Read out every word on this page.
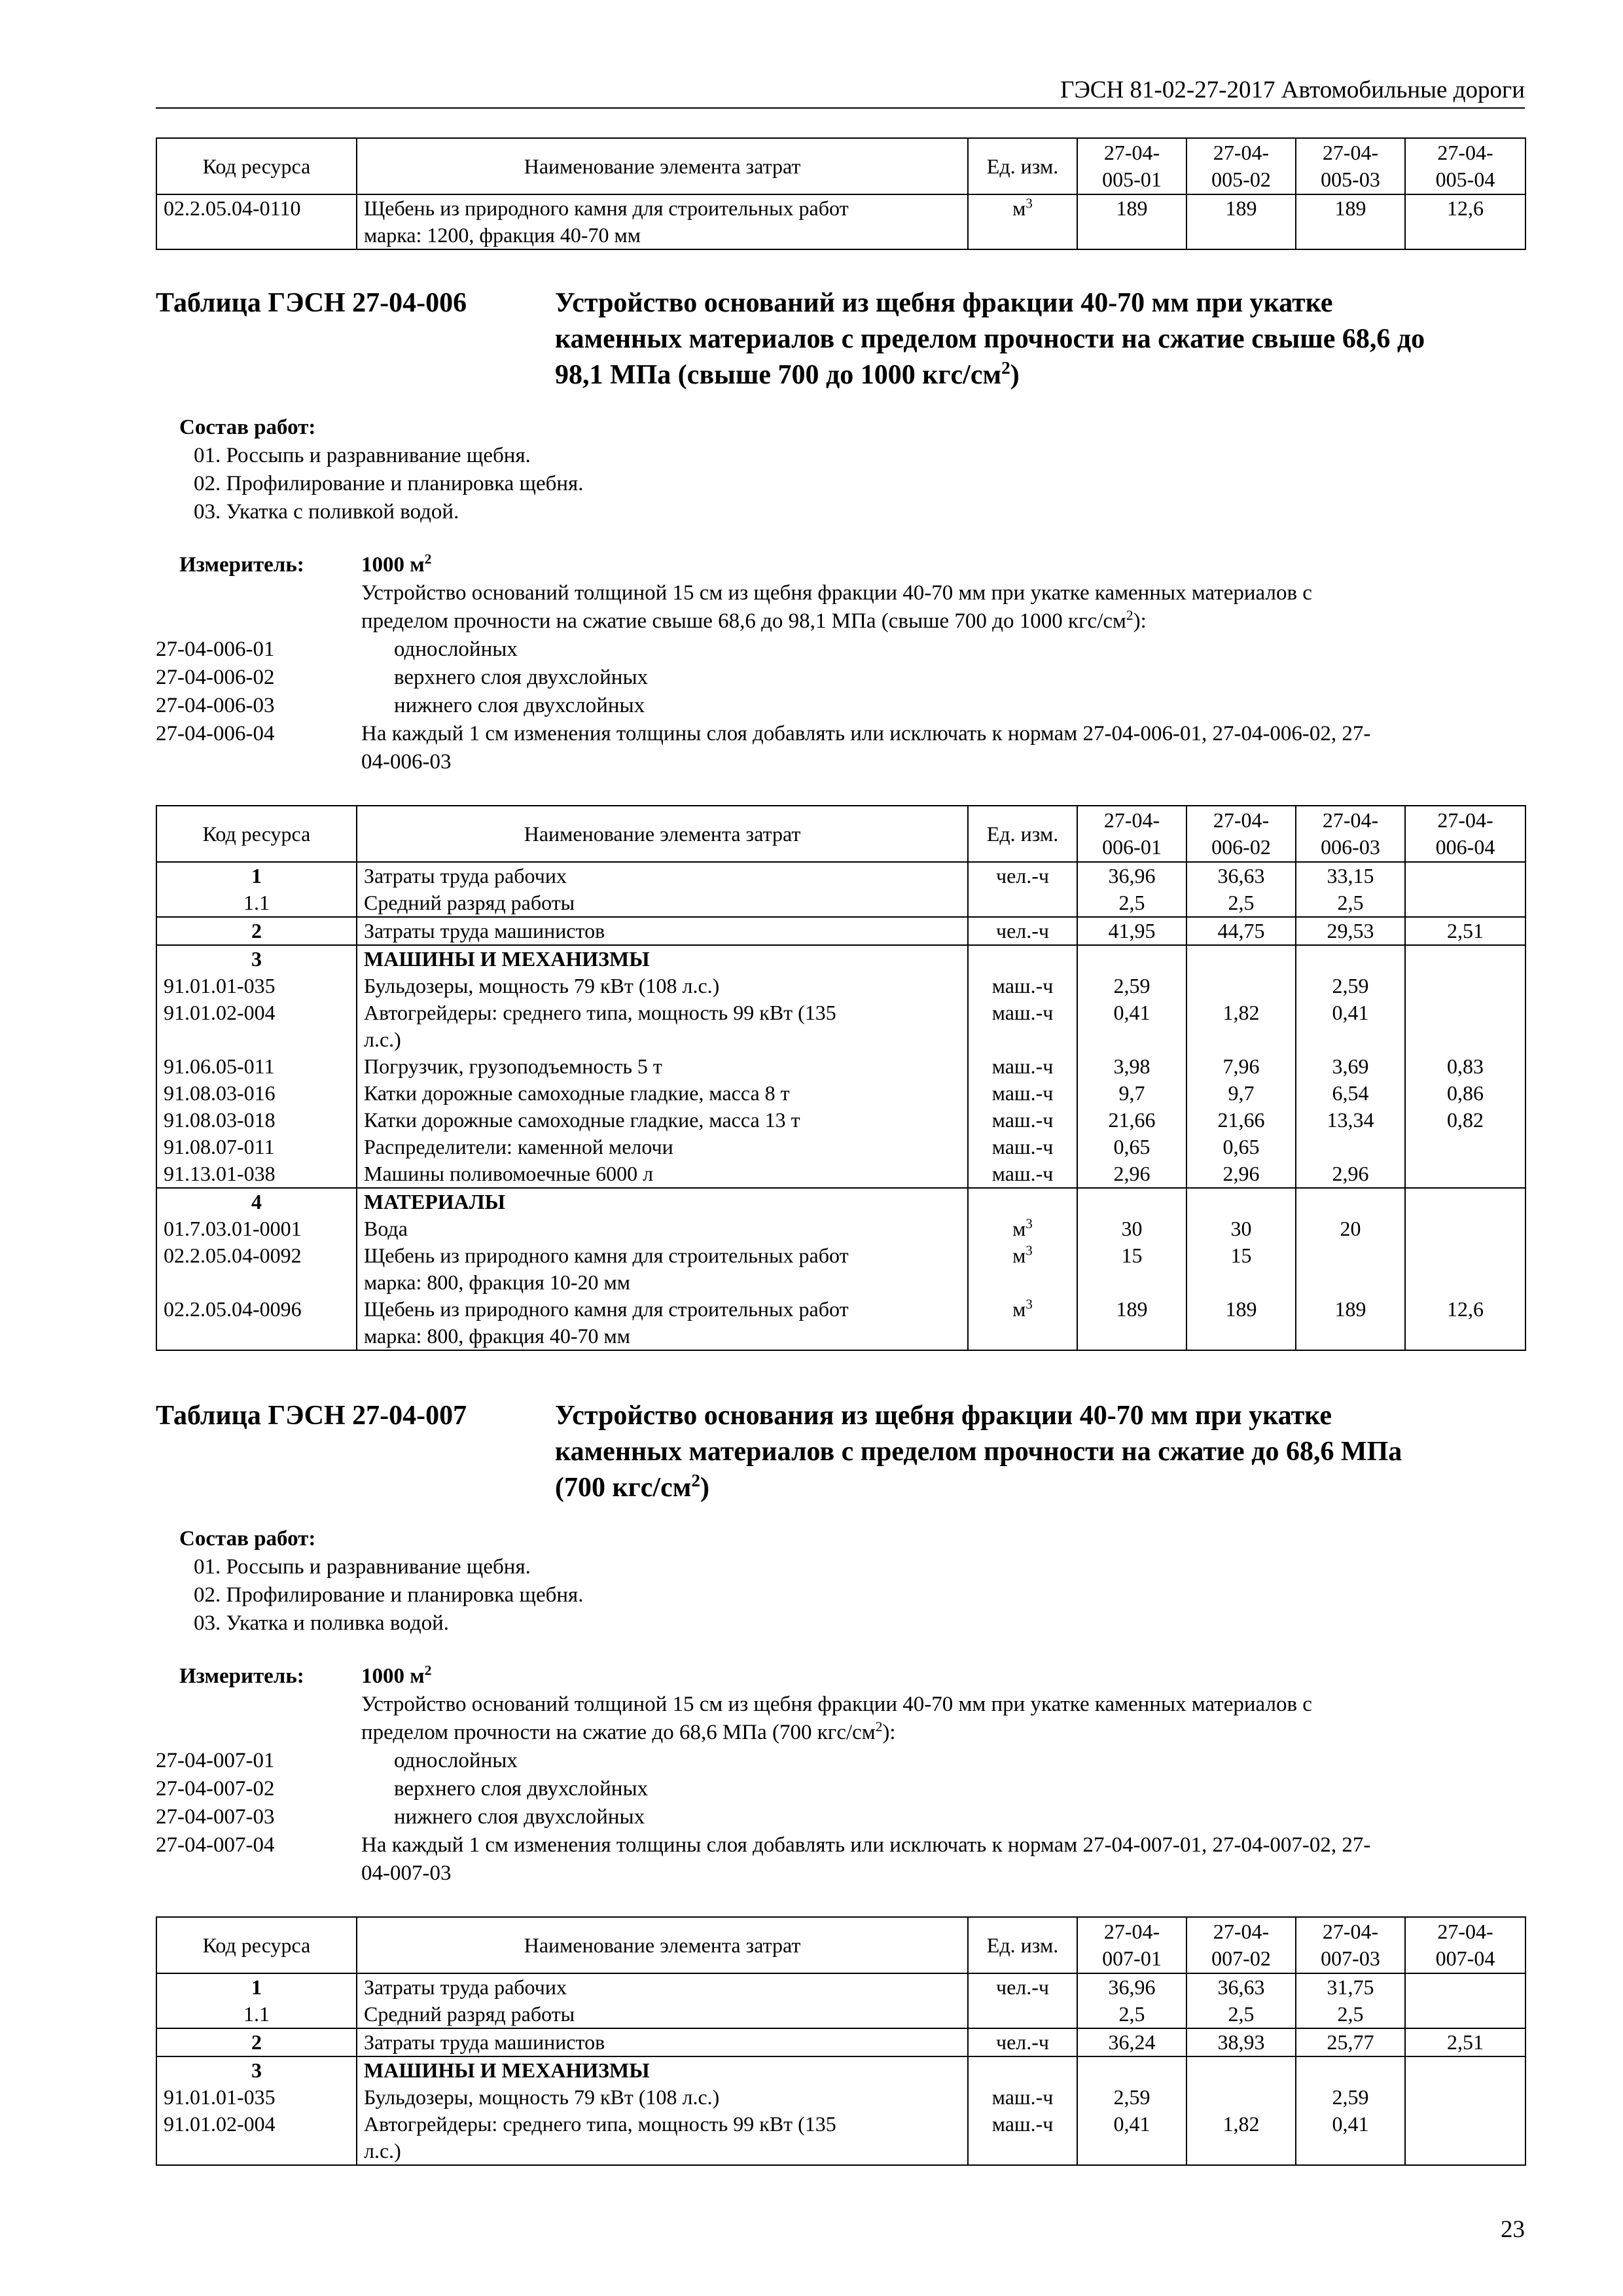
ГЭСН 81-02-27-2017 Автомобильные дороги
Код ресурса	Наименование элемента затрат	Ед. изм.	27-04-
005-01	27-04-
005-02	27-04-
005-03	27-04-
005-04
02.2.05.04-0110	Щебень из природного камня для строительных работ
марка: 1200, фракция 40-70 мм	$м^3$	189	189	189	12,6
Таблица ГЭСН 27-04-006	Устройство оснований из щебня фракции 40-70 мм при укатке
каменных материалов с пределом прочности на сжатие свыше 68,6 до
98,1 МПа (свыше 700 до 1000 кгс/$см^2$)
Состав работ:
01. Россыпь и разравнивание щебня.
02. Профилирование и планировка щебня.
03. Укатка с поливкой водой.
Измеритель:	1000 $м^2$
Устройство оснований толщиной 15 см из щебня фракции 40-70 мм при укатке каменных материалов с
пределом прочности на сжатие свыше 68,6 до 98,1 МПа (свыше 700 до 1000 кгс/$см^2$):
27-04-006-01	однослойных
27-04-006-02	верхнего слоя двухслойных
27-04-006-03	нижнего слоя двухслойных
27-04-006-04	На каждый 1 см изменения толщины слоя добавлять или исключать к нормам 27-04-006-01, 27-04-006-02, 27-
04-006-03
Код ресурса	Наименование элемента затрат	Ед. изм.	27-04-
006-01	27-04-
006-02	27-04-
006-03	27-04-
006-04
1	Затраты труда рабочих	чел.-ч	36,96	36,63	33,15	
1.1	Средний разряд работы		2,5	2,5	2,5	
2	Затраты труда машинистов	чел.-ч	41,95	44,75	29,53	2,51
3	МАШИНЫ И МЕХАНИЗМЫ					
91.01.01-035	Бульдозеры, мощность 79 кВт (108 л.с.)	маш.-ч	2,59		2,59	
91.01.02-004	Автогрейдеры: среднего типа, мощность 99 кВт (135
л.с.)	маш.-ч	0,41	1,82	0,41	
91.06.05-011	Погрузчик, грузоподъемность 5 т	маш.-ч	3,98	7,96	3,69	0,83
91.08.03-016	Катки дорожные самоходные гладкие, масса 8 т	маш.-ч	9,7	9,7	6,54	0,86
91.08.03-018	Катки дорожные самоходные гладкие, масса 13 т	маш.-ч	21,66	21,66	13,34	0,82
91.08.07-011	Распределители: каменной мелочи	маш.-ч	0,65	0,65		
91.13.01-038	Машины поливомоечные 6000 л	маш.-ч	2,96	2,96	2,96	
4	МАТЕРИАЛЫ					
01.7.03.01-0001	Вода	$м^3$	30	30	20	
02.2.05.04-0092	Щебень из природного камня для строительных работ
марка: 800, фракция 10-20 мм	$м^3$	15	15		
02.2.05.04-0096	Щебень из природного камня для строительных работ
марка: 800, фракция 40-70 мм	$м^3$	189	189	189	12,6
Таблица ГЭСН 27-04-007	Устройство основания из щебня фракции 40-70 мм при укатке
каменных материалов с пределом прочности на сжатие до 68,6 МПа
(700 кгс/$см^2$)
Состав работ:
01. Россыпь и разравнивание щебня.
02. Профилирование и планировка щебня.
03. Укатка и поливка водой.
Измеритель:	1000 $м^2$
Устройство оснований толщиной 15 см из щебня фракции 40-70 мм при укатке каменных материалов с
пределом прочности на сжатие до 68,6 МПа (700 кгс/$см^2$):
27-04-007-01	однослойных
27-04-007-02	верхнего слоя двухслойных
27-04-007-03	нижнего слоя двухслойных
27-04-007-04	На каждый 1 см изменения толщины слоя добавлять или исключать к нормам 27-04-007-01, 27-04-007-02, 27-
04-007-03
Код ресурса	Наименование элемента затрат	Ед. изм.	27-04-
007-01	27-04-
007-02	27-04-
007-03	27-04-
007-04
1	Затраты труда рабочих	чел.-ч	36,96	36,63	31,75	
1.1	Средний разряд работы		2,5	2,5	2,5	
2	Затраты труда машинистов	чел.-ч	36,24	38,93	25,77	2,51
3	МАШИНЫ И МЕХАНИЗМЫ					
91.01.01-035	Бульдозеры, мощность 79 кВт (108 л.с.)	маш.-ч	2,59		2,59	
91.01.02-004	Автогрейдеры: среднего типа, мощность 99 кВт (135
л.с.)	маш.-ч	0,41	1,82	0,41	
23
